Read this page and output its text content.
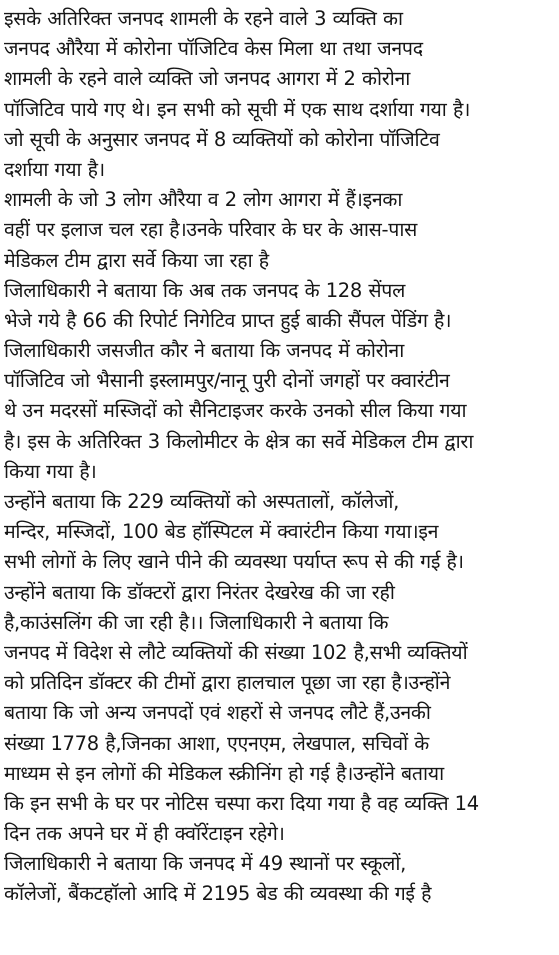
इसके अतिरिक्त जनपद शामली के रहने वाले 3 व्यक्ति का
जनपद औरैया में कोरोना पॉजिटिव केस मिला था तथा जनपद
शामली के रहने वाले व्यक्ति जो जनपद आगरा में 2 कोरोना
पॉजिटिव पाये गए थे। इन सभी को सूची में एक साथ दर्शाया गया है।
जो सूची के अनुसार जनपद में 8 व्यक्तियों को कोरोना पॉजिटिव
दर्शाया गया है।
शामली के जो 3 लोग औरैया व 2 लोग आगरा में हैं।इनका
वहीं पर इलाज चल रहा है।उनके परिवार के घर के आस-पास
मेडिकल टीम द्वारा सर्वे किया जा रहा है
जिलाधिकारी ने बताया कि अब तक जनपद के 128 सेंपल
भेजे गये है 66 की रिपोर्ट निगेटिव प्राप्त हुई बाकी सैंपल पेंडिंग है।
जिलाधिकारी जसजीत कौर ने बताया कि जनपद में कोरोना
पॉजिटिव जो भैसानी इस्लामपुर/नानू पुरी दोनों जगहों पर क्वारंटीन
थे उन मदरसों मस्जिदों को सैनिटाइजर करके उनको सील किया गया
है। इस के अतिरिक्त 3 किलोमीटर के क्षेत्र का सर्वे मेडिकल टीम द्वारा
किया गया है।
उन्होंने बताया कि 229 व्यक्तियों को अस्पतालों, कॉलेजों,
मन्दिर, मस्जिदों, 100 बेड हॉस्पिटल में क्वारंटीन किया गया।इन
सभी लोगों के लिए खाने पीने की व्यवस्था पर्याप्त रूप से की गई है।
उन्होंने बताया कि डॉक्टरों द्वारा निरंतर देखरेख की जा रही
है,काउंसलिंग की जा रही है।। जिलाधिकारी ने बताया कि
जनपद में विदेश से लौटे व्यक्तियों की संख्या 102 है,सभी व्यक्तियों
को प्रतिदिन डॉक्टर की टीमों द्वारा हालचाल पूछा जा रहा है।उन्होंने
बताया कि जो अन्य जनपदों एवं शहरों से जनपद लौटे हैं,उनकी
संख्या 1778 है,जिनका आशा, एएनएम, लेखपाल, सचिवों के
माध्यम से इन लोगों की मेडिकल स्क्रीनिंग हो गई है।उन्होंने बताया
कि इन सभी के घर पर नोटिस चस्पा करा दिया गया है वह व्यक्ति 14
दिन तक अपने घर में ही क्वॉरेंटाइन रहेगे।
जिलाधिकारी ने बताया कि जनपद में 49 स्थानों पर स्कूलों,
कॉलेजों, बैंकटहॉलो आदि में 2195 बेड की व्यवस्था की गई है
